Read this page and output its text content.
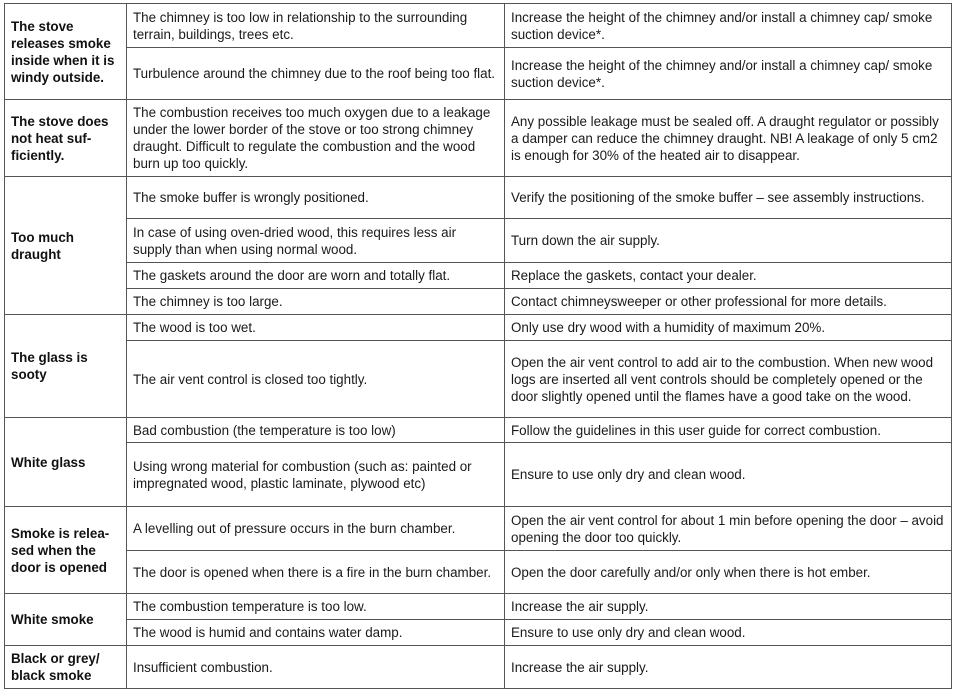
The stove releases smoke inside when it is windy outside.	The chimney is too low in relationship to the surrounding terrain, buildings, trees etc.	Increase the height of the chimney and/or install a chimney cap/ smoke suction device*.
	Turbulence around the chimney due to the roof being too flat.	Increase the height of the chimney and/or install a chimney cap/ smoke suction device*.
The stove does not heat sufficiently.	The combustion receives too much oxygen due to a leakage under the lower border of the stove or too strong chimney draught. Difficult to regulate the combustion and the wood burn up too quickly.	Any possible leakage must be sealed off. A draught regulator or possibly a damper can reduce the chimney draught. NB! A leakage of only 5 cm2 is enough for 30% of the heated air to disappear.
Too much draught	The smoke buffer is wrongly positioned.	Verify the positioning of the smoke buffer – see assembly instructions.
	In case of using oven-dried wood, this requires less air supply than when using normal wood.	Turn down the air supply.
	The gaskets around the door are worn and totally flat.	Replace the gaskets, contact your dealer.
	The chimney is too large.	Contact chimneysweeper or other professional for more details.
The glass is sooty	The wood is too wet.	Only use dry wood with a humidity of maximum 20%.
	The air vent control is closed too tightly.	Open the air vent control to add air to the combustion. When new wood logs are inserted all vent controls should be completely opened or the door slightly opened until the flames have a good take on the wood.
White glass	Bad combustion (the temperature is too low)	Follow the guidelines in this user guide for correct combustion.
	Using wrong material for combustion (such as: painted or impregnated wood, plastic laminate, plywood etc)	Ensure to use only dry and clean wood.
Smoke is released when the door is opened	A levelling out of pressure occurs in the burn chamber.	Open the air vent control for about 1 min before opening the door – avoid opening the door too quickly.
	The door is opened when there is a fire in the burn chamber.	Open the door carefully and/or only when there is hot ember.
White smoke	The combustion temperature is too low.	Increase the air supply.
	The wood is humid and contains water damp.	Ensure to use only dry and clean wood.
Black or grey/ black smoke	Insufficient combustion.	Increase the air supply.
